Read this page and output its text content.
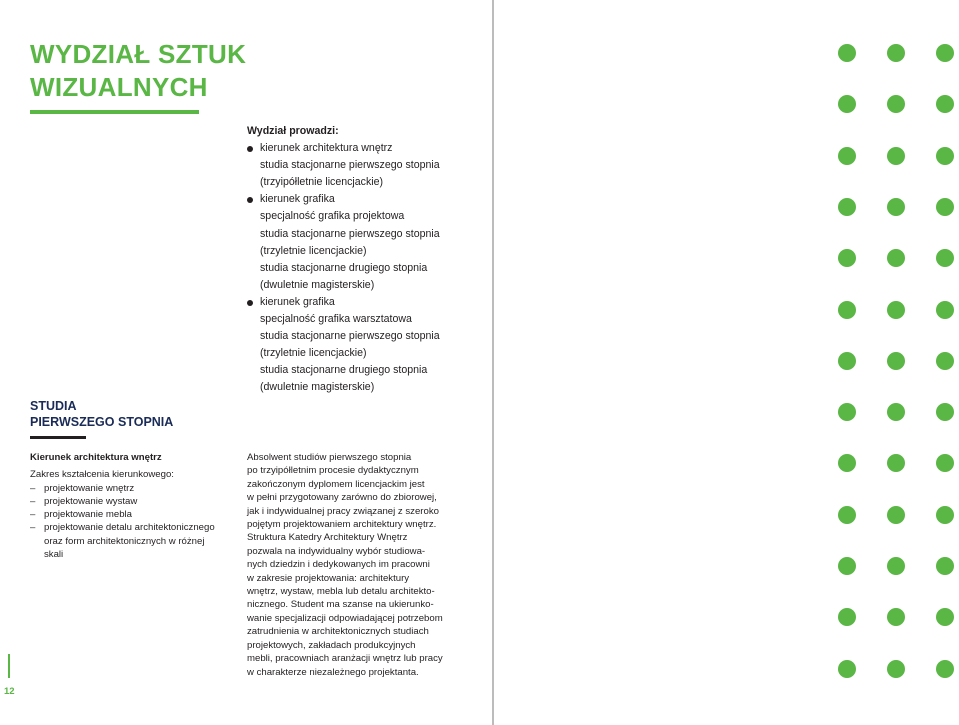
WYDZIAŁ SZTUK
WIZUALNYCH
STUDIA
PIERWSZEGO STOPNIA
Kierunek architektura wnętrz
Zakres kształcenia kierunkowego:
– projektowanie wnętrz
– projektowanie wystaw
– projektowanie mebla
– projektowanie detalu architektonicznego
oraz form architektonicznych w różnej
skali
Wydział prowadzi:
kierunek architektura wnętrz
studia stacjonarne pierwszego stopnia
(trzyipółletnie licencjackie)
kierunek grafika
specjalność grafika projektowa
studia stacjonarne pierwszego stopnia
(trzyletnie licencjackie)
studia stacjonarne drugiego stopnia
(dwuletnie magisterskie)
kierunek grafika
specjalność grafika warsztatowa
studia stacjonarne pierwszego stopnia
(trzyletnie licencjackie)
studia stacjonarne drugiego stopnia
(dwuletnie magisterskie)
Absolwent studiów pierwszego stopnia
po trzyipółletnim procesie dydaktycznym
zakończonym dyplomem licencjackim jest
w pełni przygotowany zarówno do zbiorowej,
jak i indywidualnej pracy związanej z szeroko
pojętym projektowaniem architektury wnętrz.
Struktura Katedry Architektury Wnętrz
pozwala na indywidualny wybór studiowa-
nych dziedzin i dedykowanych im pracowni
w zakresie projektowania: architektury
wnętrz, wystaw, mebla lub detalu architekto-
nicznego. Student ma szanse na ukierunko-
wanie specjalizacji odpowiadającej potrzebom
zatrudnienia w architektonicznych studiach
projektowych, zakładach produkcyjnych
mebli, pracowniach aranżacji wnętrz lub pracy
w charakterze niezależnego projektanta.
12
